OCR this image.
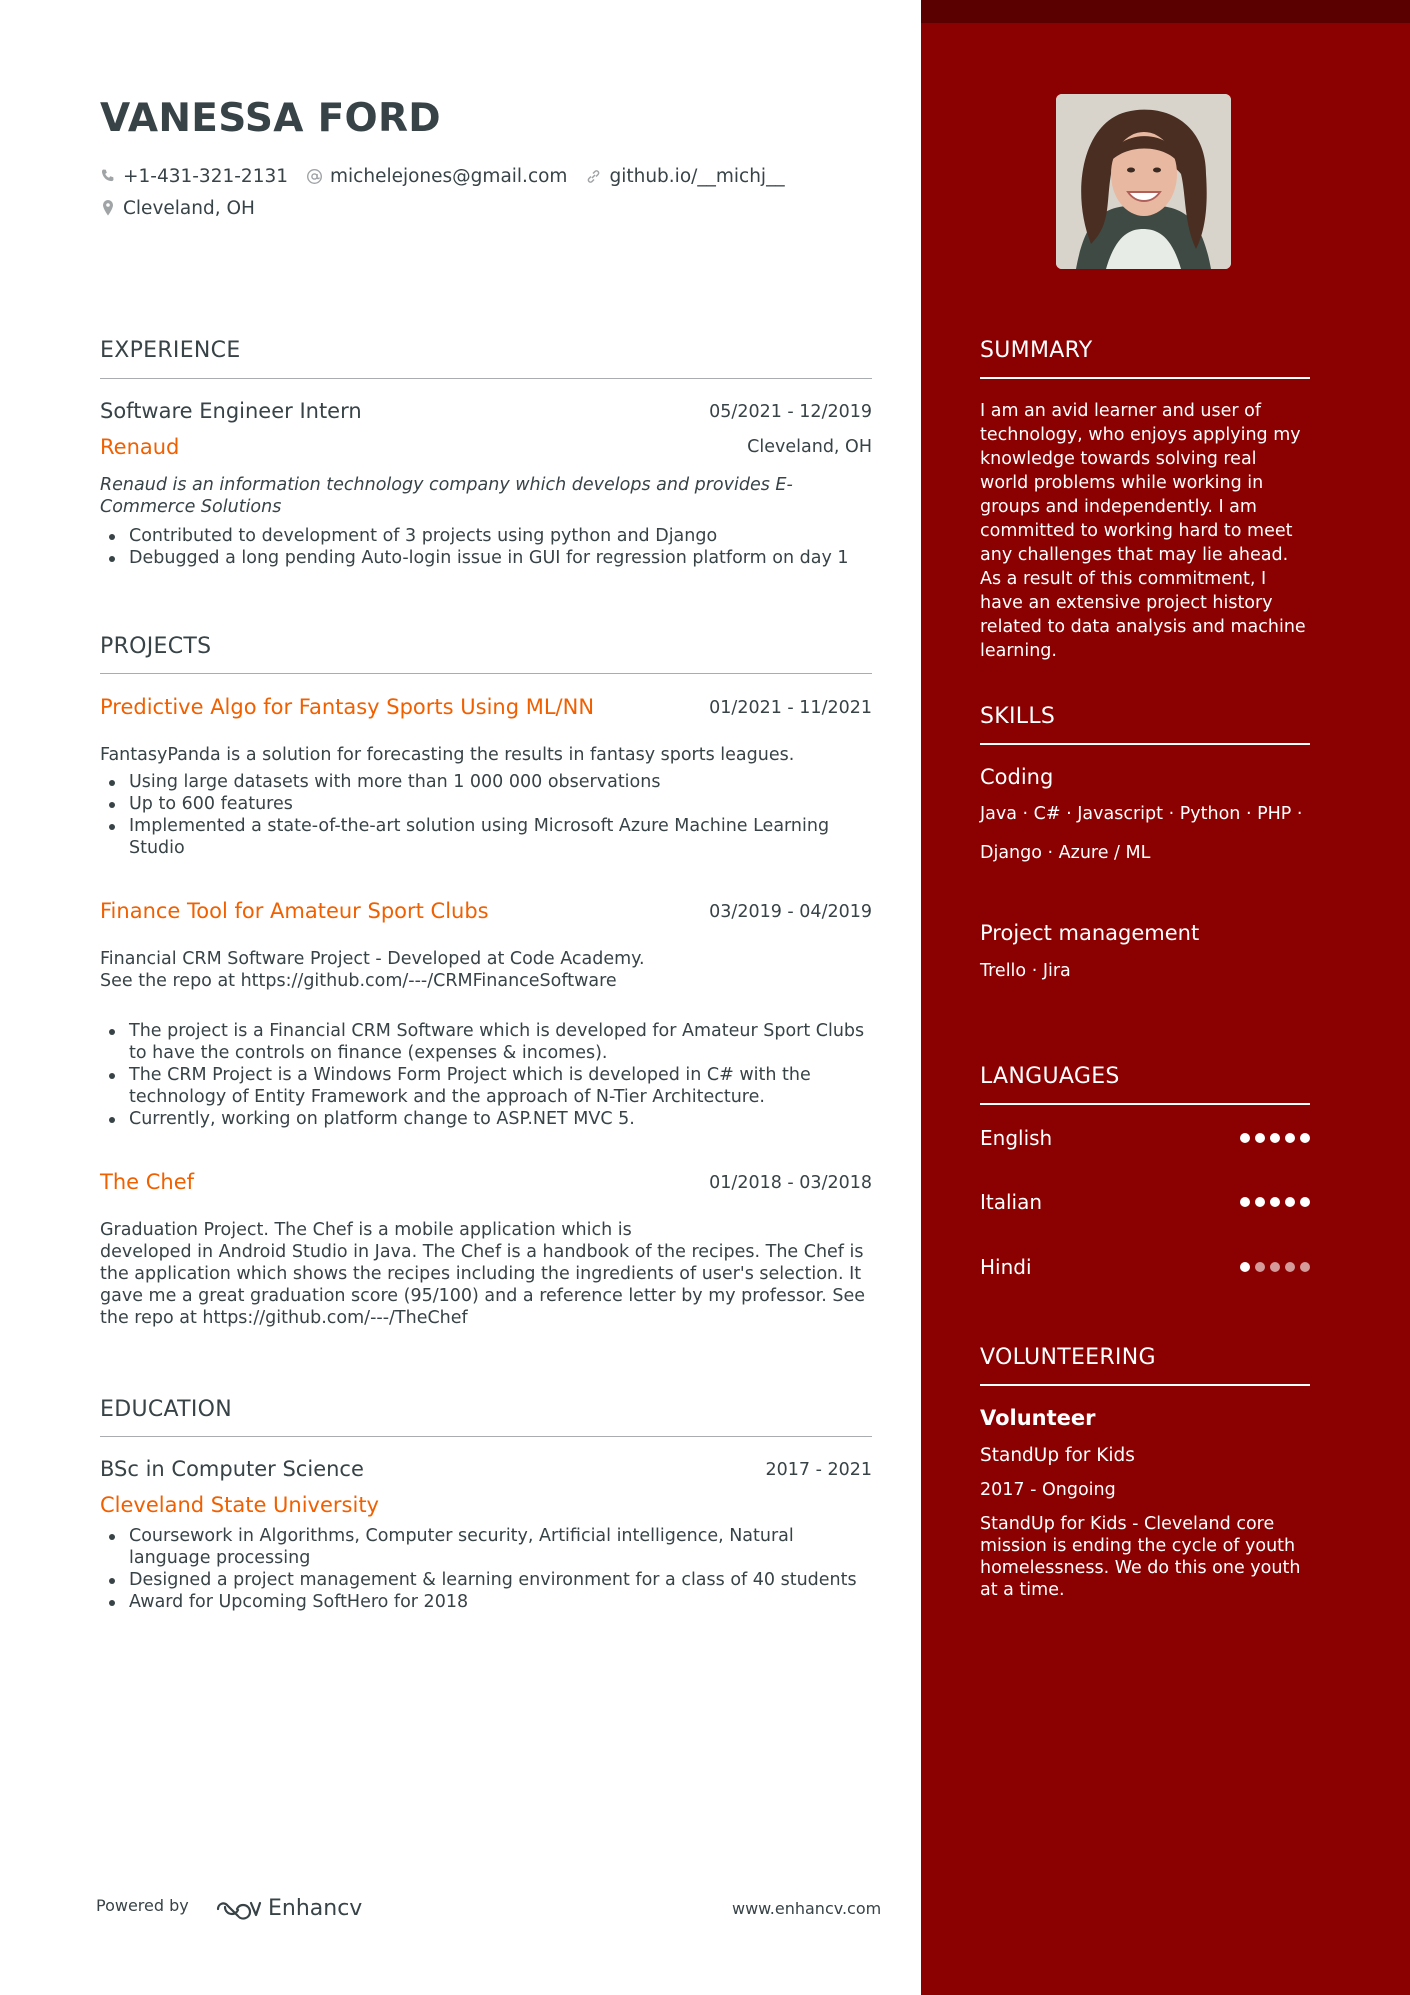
VANESSA FORD
+1-431-321-2131 michelejones@gmail.com github.io/__michj__
Cleveland, OH
EXPERIENCE
Software Engineer Intern	05/2021 - 12/2019
Renaud	Cleveland, OH
Renaud is an information technology company which develops and provides E-Commerce Solutions
Contributed to development of 3 projects using python and Django
Debugged a long pending Auto-login issue in GUI for regression platform on day 1
PROJECTS
Predictive Algo for Fantasy Sports Using ML/NN	01/2021 - 11/2021
FantasyPanda is a solution for forecasting the results in fantasy sports leagues.
Using large datasets with more than 1 000 000 observations
Up to 600 features
Implemented a state-of-the-art solution using Microsoft Azure Machine Learning Studio
Finance Tool for Amateur Sport Clubs	03/2019 - 04/2019
Financial CRM Software Project - Developed at Code Academy.
See the repo at https://github.com/---/CRMFinanceSoftware
The project is a Financial CRM Software which is developed for Amateur Sport Clubs to have the controls on finance (expenses & incomes).
The CRM Project is a Windows Form Project which is developed in C# with the technology of Entity Framework and the approach of N-Tier Architecture.
Currently, working on platform change to ASP.NET MVC 5.
The Chef	01/2018 - 03/2018
Graduation Project. The Chef is a mobile application which is
developed in Android Studio in Java. The Chef is a handbook of the recipes. The Chef is the application which shows the recipes including the ingredients of user's selection. It gave me a great graduation score (95/100) and a reference letter by my professor. See the repo at https://github.com/---/TheChef
EDUCATION
BSc in Computer Science	2017 - 2021
Cleveland State University
Coursework in Algorithms, Computer security, Artificial intelligence, Natural language processing
Designed a project management & learning environment for a class of 40 students
Award for Upcoming SoftHero for 2018
SUMMARY
I am an avid learner and user of technology, who enjoys applying my knowledge towards solving real world problems while working in groups and independently. I am committed to working hard to meet any challenges that may lie ahead. As a result of this commitment, I have an extensive project history related to data analysis and machine learning.
SKILLS
Coding
Java · C# · Javascript · Python · PHP ·
Django · Azure / ML
Project management
Trello · Jira
LANGUAGES
English
Italian
Hindi
VOLUNTEERING
Volunteer
StandUp for Kids
2017 - Ongoing
StandUp for Kids - Cleveland core mission is ending the cycle of youth homelessness. We do this one youth at a time.
Powered by	Enhancv	www.enhancv.com
